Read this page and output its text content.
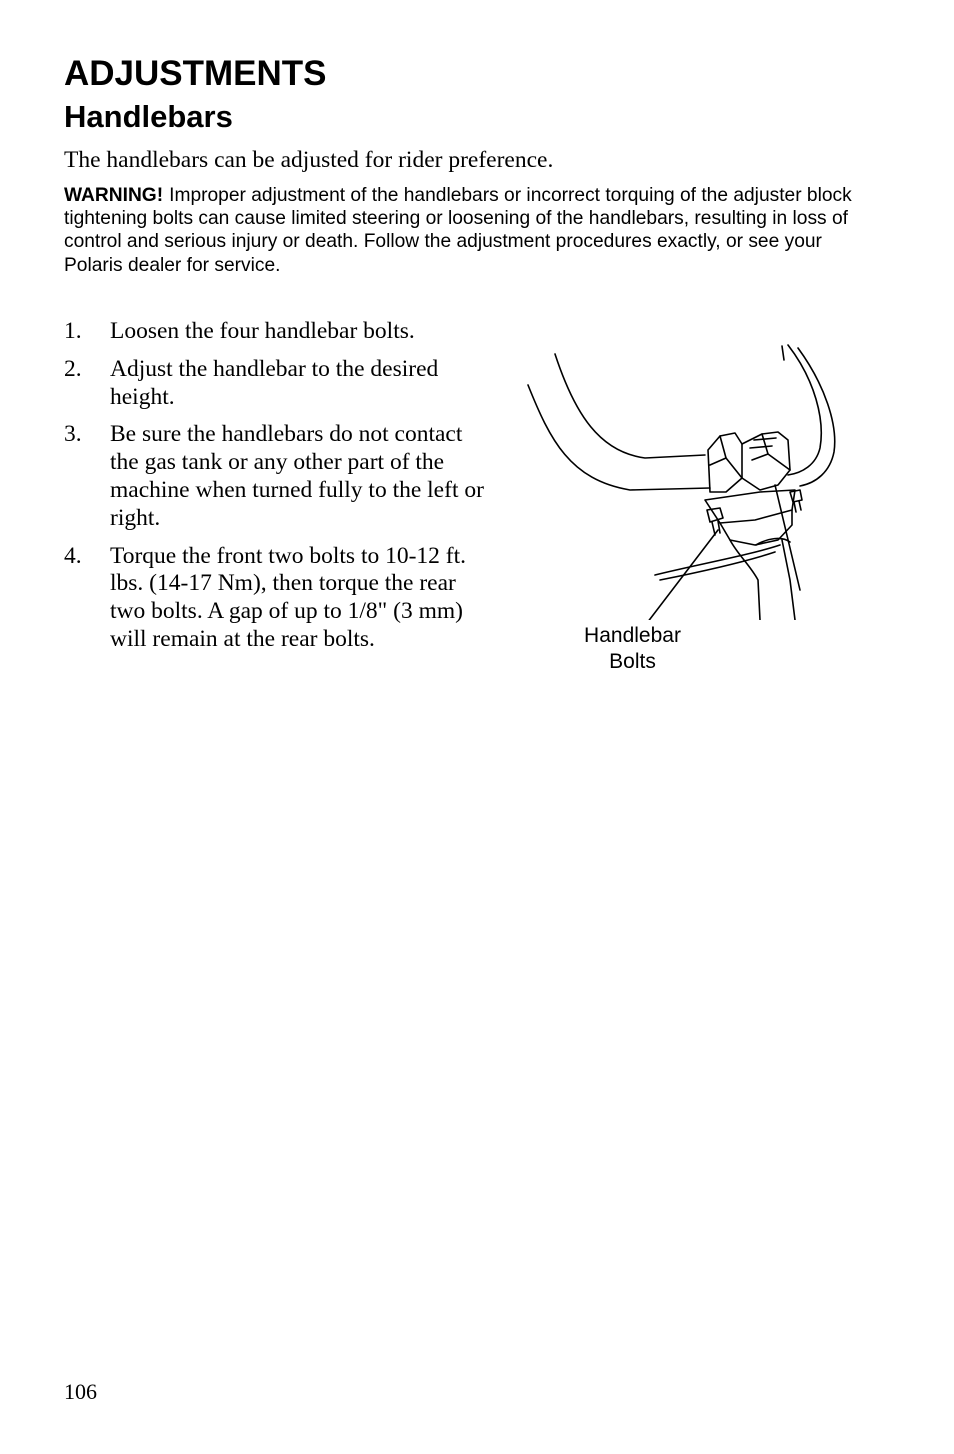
ADJUSTMENTS
Handlebars

The handlebars can be adjusted for rider preference.

WARNING! Improper adjustment of the handlebars or incorrect torquing of the adjuster block tightening bolts can cause limited steering or loosening of the handlebars, resulting in loss of control and serious injury or death. Follow the adjustment procedures exactly, or see your Polaris dealer for service.

1. Loosen the four handlebar bolts.
2. Adjust the handlebar to the desired height.
3. Be sure the handlebars do not contact the gas tank or any other part of the machine when turned fully to the left or right.
4. Torque the front two bolts to 10-12 ft. lbs. (14-17 Nm), then torque the rear two bolts. A gap of up to 1/8" (3 mm) will remain at the rear bolts.	Handlebar
Bolts

106
